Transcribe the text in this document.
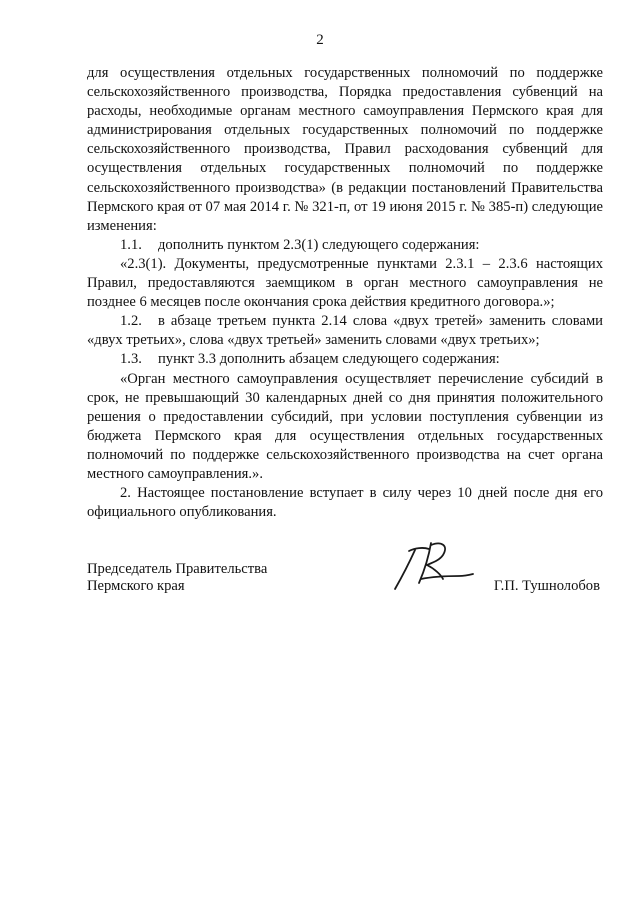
2

для осуществления отдельных государственных полномочий по поддержке сельскохозяйственного производства, Порядка предоставления субвенций на расходы, необходимые органам местного самоуправления Пермского края для администрирования отдельных государственных полномочий по поддержке сельскохозяйственного производства, Правил расходования субвенций для осуществления отдельных государственных полномочий по поддержке сельскохозяйственного производства» (в редакции постановлений Правительства Пермского края от 07 мая 2014 г. № 321-п, от 19 июня 2015 г. № 385-п) следующие изменения:

1.1. дополнить пунктом 2.3(1) следующего содержания:

«2.3(1). Документы, предусмотренные пунктами 2.3.1 – 2.3.6 настоящих Правил, предоставляются заемщиком в орган местного самоуправления не позднее 6 месяцев после окончания срока действия кредитного договора.»;

1.2. в абзаце третьем пункта 2.14 слова «двух третей» заменить словами «двух третьих», слова «двух третьей» заменить словами «двух третьих»;

1.3. пункт 3.3 дополнить абзацем следующего содержания:

«Орган местного самоуправления осуществляет перечисление субсидий в срок, не превышающий 30 календарных дней со дня принятия положительного решения о предоставлении субсидий, при условии поступления субвенции из бюджета Пермского края для осуществления отдельных государственных полномочий по поддержке сельскохозяйственного производства на счет органа местного самоуправления.».

2. Настоящее постановление вступает в силу через 10 дней после дня его официального опубликования.

Председатель Правительства
Пермского края	Г.П. Тушнолобов
